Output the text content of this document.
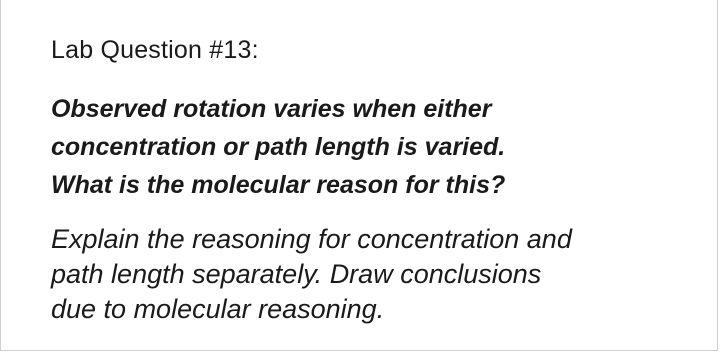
Lab Question #13:
Observed rotation varies when either
concentration or path length is varied.
What is the molecular reason for this?
Explain the reasoning for concentration and
path length separately. Draw conclusions
due to molecular reasoning.
